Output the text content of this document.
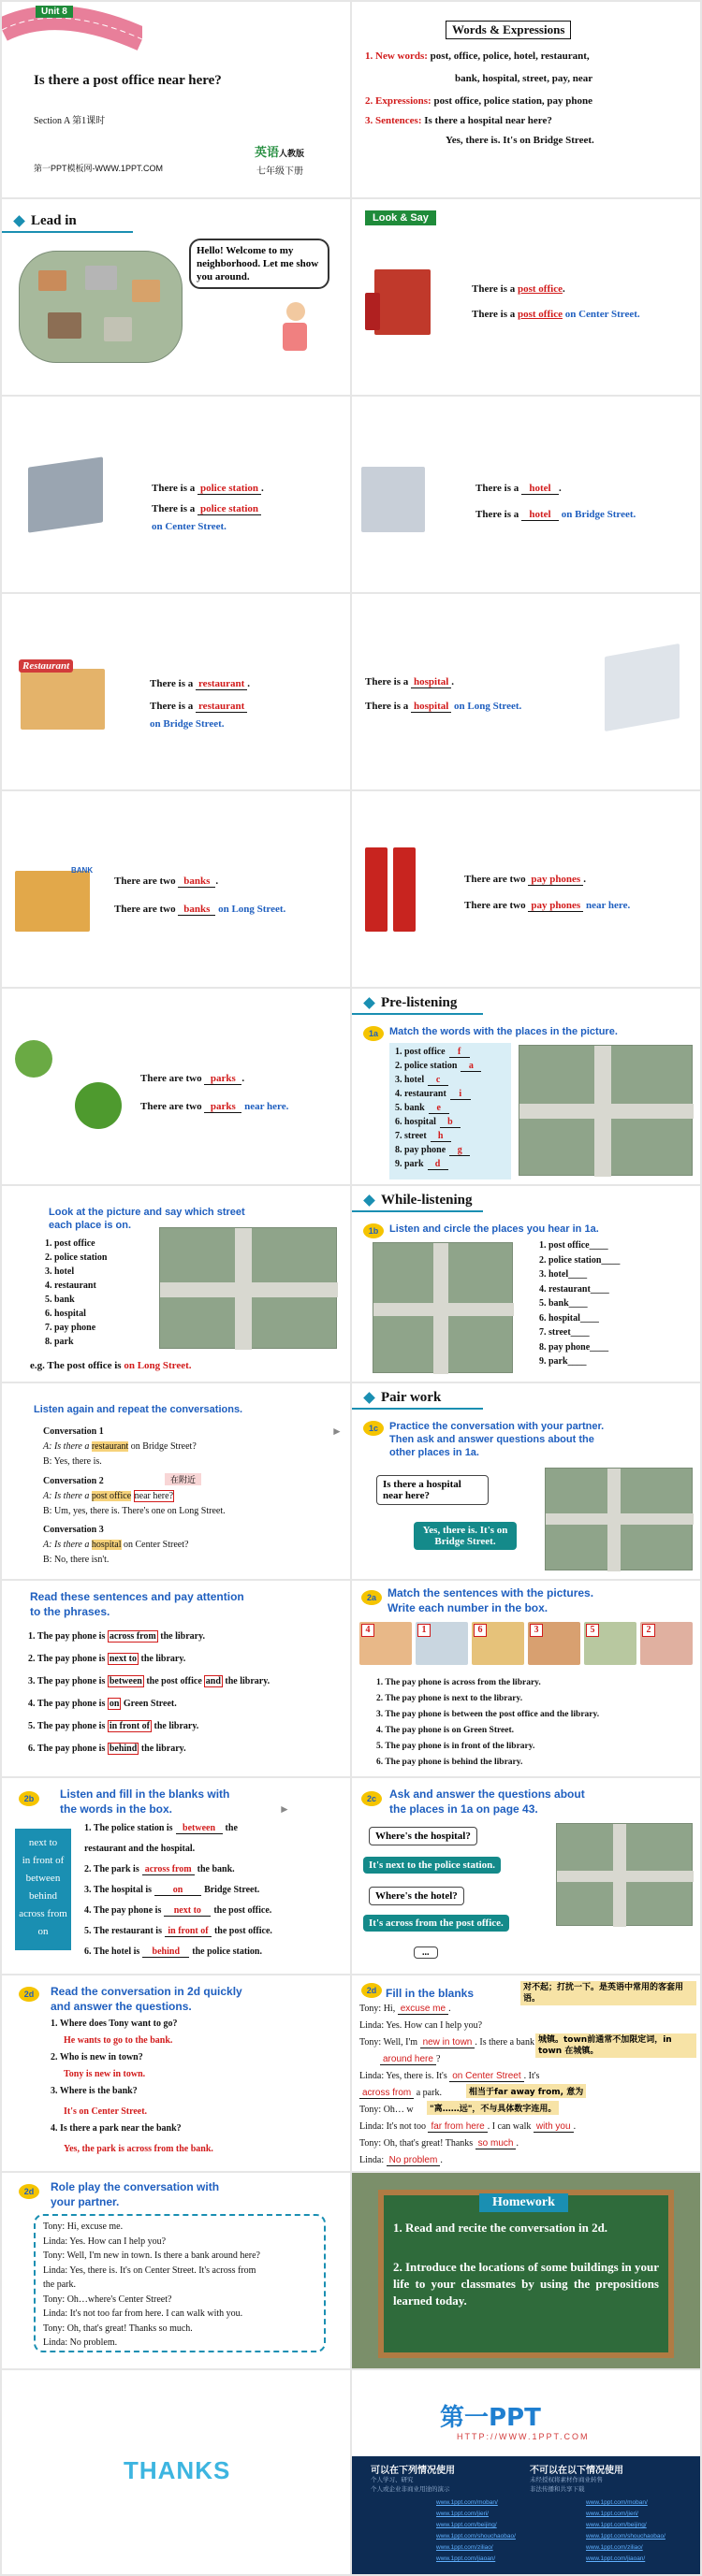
Unit 8
Is there a post office near here?
Section A 第1课时
第一PPT模板网-WWW.1PPT.COM
英语人教版
七年级下册
Words & Expressions
1. New words: post, office, police, hotel, restaurant,
bank, hospital, street, pay, near
2. Expressions: post office, police station, pay phone
3. Sentences: Is there a hospital near here?
Yes, there is. It's on Bridge Street.
Lead in
Hello! Welcome to my neighborhood. Let me show you around.
Look & Say
There is a post office.
There is a post office on Center Street.
There is a police station .
There is a police station
on Center Street.
There is a hotel .
There is a hotel on Bridge Street.
Restaurant
There is a restaurant .
There is a restaurant
on Bridge Street.
There is a hospital .
There is a hospital on Long Street.
BANK
There are two banks .
There are two banks on Long Street.
There are two pay phones .
There are two pay phones near here.
There are two parks .
There are two parks near here.
Pre-listening
1a	Match the words with the places in the picture.
1. post office f
2. police station a
3. hotel c
4. restaurant i
5. bank e
6. hospital b
7. street h
8. pay phone g
9. park d
Look at the picture and say which street
each place is on.
1. post office
2. police station
3. hotel
4. restaurant
5. bank
6. hospital
7. pay phone
8. park
e.g. The post office is on Long Street.
While-listening
1b	Listen and circle the places you hear in 1a.
1. post office____
2. police station____
3. hotel____
4. restaurant____
5. bank____
6. hospital____
7. street____
8. pay phone____
9. park____
Listen again and repeat the conversations.
►
Conversation 1
A: Is there a restaurant on Bridge Street?
B: Yes, there is.
Conversation 2	在附近
A: Is there a post office near here?
B: Um, yes, there is. There's one on Long Street.
Conversation 3
A: Is there a hospital on Center Street?
B: No, there isn't.
Pair work
1c	Practice the conversation with your partner.
Then ask and answer questions about the
other places in 1a.
Is there a hospital near here?
Yes, there is. It's on Bridge Street.
Read these sentences and pay attention
to the phrases.
1. The pay phone is across from the library.
2. The pay phone is next to the library.
3. The pay phone is between the post office and the library.
4. The pay phone is on Green Street.
5. The pay phone is in front of the library.
6. The pay phone is behind the library.
2a	Match the sentences with the pictures.
Write each number in the box.
4	1	6	3	5	2
1. The pay phone is across from the library.
2. The pay phone is next to the library.
3. The pay phone is between the post office and the library.
4. The pay phone is on Green Street.
5. The pay phone is in front of the library.
6. The pay phone is behind the library.
2b	Listen and fill in the blanks with
the words in the box.	►
next to
in front of
between
behind
across from
on
1. The police station is between the
restaurant and the hospital.
2. The park is across from the bank.
3. The hospital is on Bridge Street.
4. The pay phone is next to the post office.
5. The restaurant is in front of the post office.
6. The hotel is behind the police station.
2c	Ask and answer the questions about
the places in 1a on page 43.
Where's the hospital?
It's next to the police station.
Where's the hotel?
It's across from the post office.
...
2d	Read the conversation in 2d quickly
and answer the questions.
1. Where does Tony want to go?
He wants to go to the bank.
2. Who is new in town?
Tony is new in town.
3. Where is the bank?
It's on Center Street.
4. Is there a park near the bank?
Yes, the park is across from the bank.
2d Fill in the blanks	对不起；打扰一下。是英语中常用的客套用语。
Tony: Hi, excuse me .
Linda: Yes. How can I help you?
Tony: Well, I'm new in town . Is there a bank 城镇。town前通常不加限定词，in town 在城镇。
around here ?
Linda: Yes, there is. It's on Center Street . It's
across from a park.	相当于far away from, 意为
Tony: Oh… w	"离……远"，不与具体数字连用。
Linda: It's not too far from here . I can walk with you .
Tony: Oh, that's great! Thanks so much .
Linda: No problem .
2d	Role play the conversation with
your partner.
Tony: Hi, excuse me.
Linda: Yes. How can I help you?
Tony: Well, I'm new in town. Is there a bank around here?
Linda: Yes, there is. It's on Center Street. It's across from
the park.
Tony: Oh…where's Center Street?
Linda: It's not too far from here. I can walk with you.
Tony: Oh, that's great! Thanks so much.
Linda: No problem.
Homework
1. Read and recite the conversation in 2d.
2. Introduce the locations of some buildings in your life to your classmates by using the prepositions learned today.
THANKS
第一PPT
HTTP://WWW.1PPT.COM
可以在下列情况使用	不可以在以下情况使用
个人学习、研究
个人或企业非商业用途的演示
未经授权将素材作商业转售
非法传播和共享下载
www.1ppt.com/moban/	www.1ppt.com/moban/
www.1ppt.com/jieri/	www.1ppt.com/jieri/
www.1ppt.com/beijing/	www.1ppt.com/beijing/
www.1ppt.com/shouchaobao/	www.1ppt.com/shouchaobao/
www.1ppt.com/ziliao/	www.1ppt.com/ziliao/
www.1ppt.com/jiaoan/	www.1ppt.com/jiaoan/
